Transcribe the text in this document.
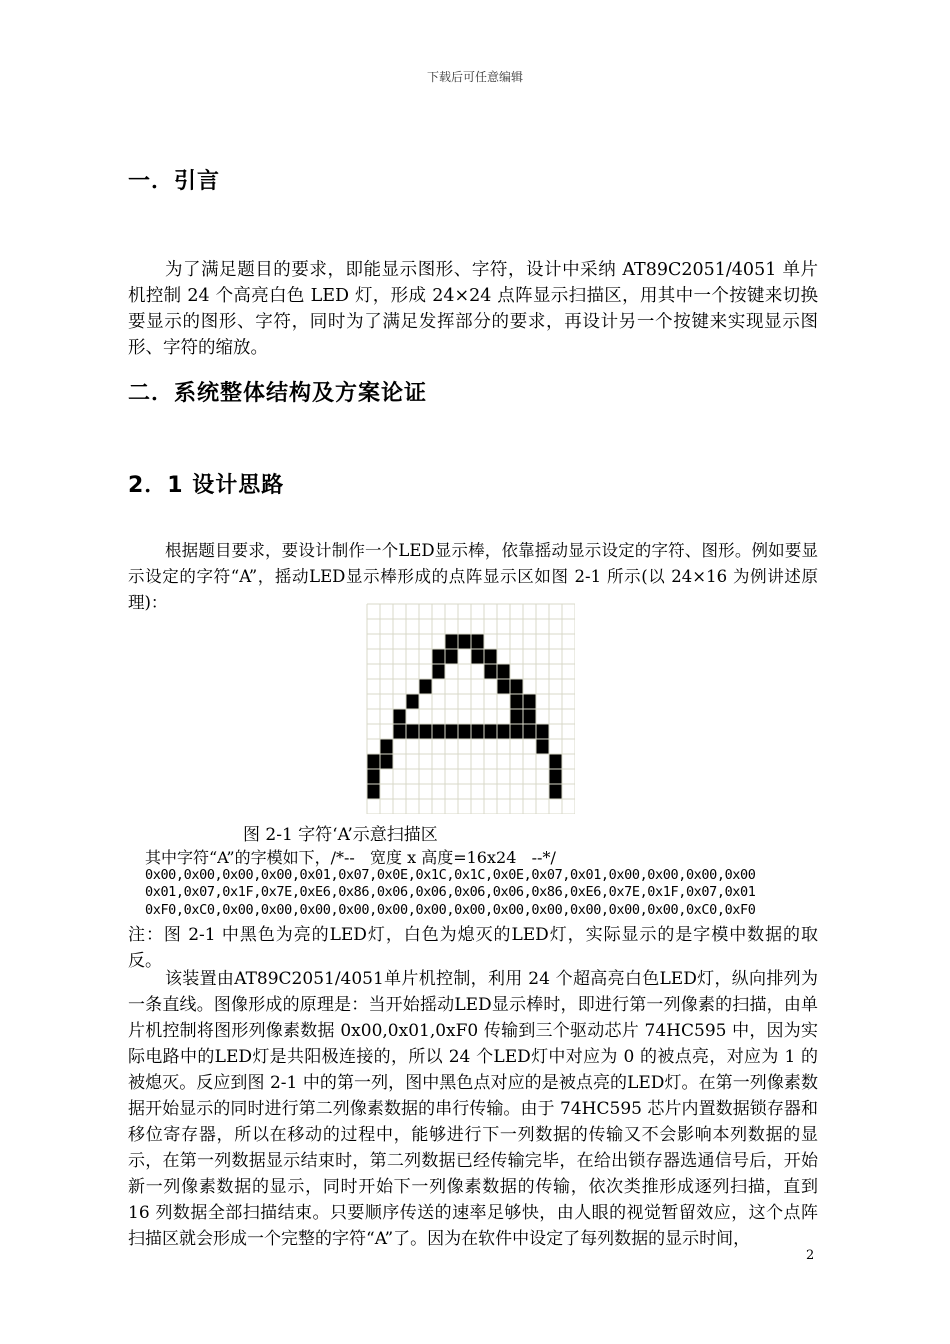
下载后可任意编辑
一．引言

为了满足题目的要求，即能显示图形、字符，设计中采纳 AT89C2051/4051 单片机控制 24 个高亮白色 LED 灯，形成 24×24 点阵显示扫描区，用其中一个按键来切换要显示的图形、字符，同时为了满足发挥部分的要求，再设计另一个按键来实现显示图形、字符的缩放。

二．系统整体结构及方案论证
2．1 设计思路

根据题目要求，要设计制作一个LED显示棒，依靠摇动显示设定的字符、图形。例如要显示设定的字符“A”，摇动LED显示棒形成的点阵显示区如图 2-1 所示(以 24×16 为例讲述原理)：

图 2-1 字符‘A’示意扫描区
其中字符“A”的字模如下，/*--   宽度 x 高度=16x24   --*/
0x00,0x00,0x00,0x00,0x01,0x07,0x0E,0x1C,0x1C,0x0E,0x07,0x01,0x00,0x00,0x00,0x00
0x01,0x07,0x1F,0x7E,0xE6,0x86,0x06,0x06,0x06,0x06,0x86,0xE6,0x7E,0x1F,0x07,0x01
0xF0,0xC0,0x00,0x00,0x00,0x00,0x00,0x00,0x00,0x00,0x00,0x00,0x00,0x00,0xC0,0xF0

注：图 2-1 中黑色为亮的LED灯，白色为熄灭的LED灯，实际显示的是字模中数据的取反。

该装置由AT89C2051/4051单片机控制，利用 24 个超高亮白色LED灯，纵向排列为一条直线。图像形成的原理是：当开始摇动LED显示棒时，即进行第一列像素的扫描，由单片机控制将图形列像素数据 0x00,0x01,0xF0 传输到三个驱动芯片 74HC595 中，因为实际电路中的LED灯是共阳极连接的，所以 24 个LED灯中对应为 0 的被点亮，对应为 1 的被熄灭。反应到图 2-1 中的第一列，图中黑色点对应的是被点亮的LED灯。在第一列像素数据开始显示的同时进行第二列像素数据的串行传输。由于 74HC595 芯片内置数据锁存器和移位寄存器，所以在移动的过程中，能够进行下一列数据的传输又不会影响本列数据的显示，在第一列数据显示结束时，第二列数据已经传输完毕，在给出锁存器选通信号后，开始新一列像素数据的显示，同时开始下一列像素数据的传输，依次类推形成逐列扫描，直到 16 列数据全部扫描结束。只要顺序传送的速率足够快，由人眼的视觉暂留效应，这个点阵扫描区就会形成一个完整的字符“A”了。因为在软件中设定了每列数据的显示时间，

2
